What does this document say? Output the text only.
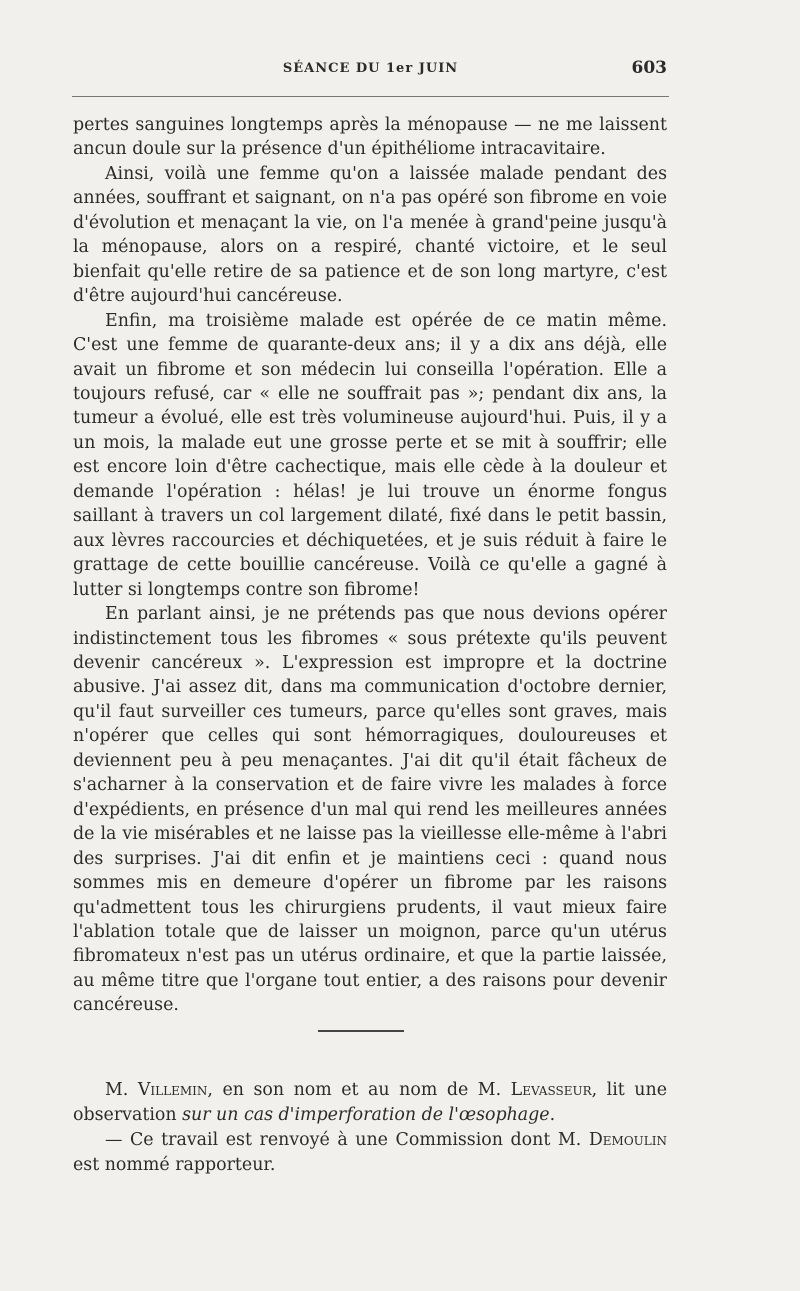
SÉANCE DU 1er JUIN	603

pertes sanguines longtemps après la ménopause — ne me laissent ancun doule sur la présence d'un épithéliome intracavitaire.

Ainsi, voilà une femme qu'on a laissée malade pendant des années, souffrant et saignant, on n'a pas opéré son fibrome en voie d'évolution et menaçant la vie, on l'a menée à grand'peine jusqu'à la ménopause, alors on a respiré, chanté victoire, et le seul bienfait qu'elle retire de sa patience et de son long martyre, c'est d'être aujourd'hui cancéreuse.

Enfin, ma troisième malade est opérée de ce matin même. C'est une femme de quarante-deux ans; il y a dix ans déjà, elle avait un fibrome et son médecin lui conseilla l'opération. Elle a toujours refusé, car « elle ne souffrait pas »; pendant dix ans, la tumeur a évolué, elle est très volumineuse aujourd'hui. Puis, il y a un mois, la malade eut une grosse perte et se mit à souffrir; elle est encore loin d'être cachectique, mais elle cède à la douleur et demande l'opération : hélas! je lui trouve un énorme fongus saillant à travers un col largement dilaté, fixé dans le petit bassin, aux lèvres raccourcies et déchiquetées, et je suis réduit à faire le grattage de cette bouillie cancéreuse. Voilà ce qu'elle a gagné à lutter si longtemps contre son fibrome!

En parlant ainsi, je ne prétends pas que nous devions opérer indistinctement tous les fibromes « sous prétexte qu'ils peuvent devenir cancéreux ». L'expression est impropre et la doctrine abusive. J'ai assez dit, dans ma communication d'octobre dernier, qu'il faut surveiller ces tumeurs, parce qu'elles sont graves, mais n'opérer que celles qui sont hémorragiques, douloureuses et deviennent peu à peu menaçantes. J'ai dit qu'il était fâcheux de s'acharner à la conservation et de faire vivre les malades à force d'expédients, en présence d'un mal qui rend les meilleures années de la vie misérables et ne laisse pas la vieillesse elle-même à l'abri des surprises. J'ai dit enfin et je maintiens ceci : quand nous sommes mis en demeure d'opérer un fibrome par les raisons qu'admettent tous les chirurgiens prudents, il vaut mieux faire l'ablation totale que de laisser un moignon, parce qu'un utérus fibromateux n'est pas un utérus ordinaire, et que la partie laissée, au même titre que l'organe tout entier, a des raisons pour devenir cancéreuse.

M. Villemin, en son nom et au nom de M. Levasseur, lit une observation sur un cas d'imperforation de l'œsophage.

— Ce travail est renvoyé à une Commission dont M. Demoulin est nommé rapporteur.
